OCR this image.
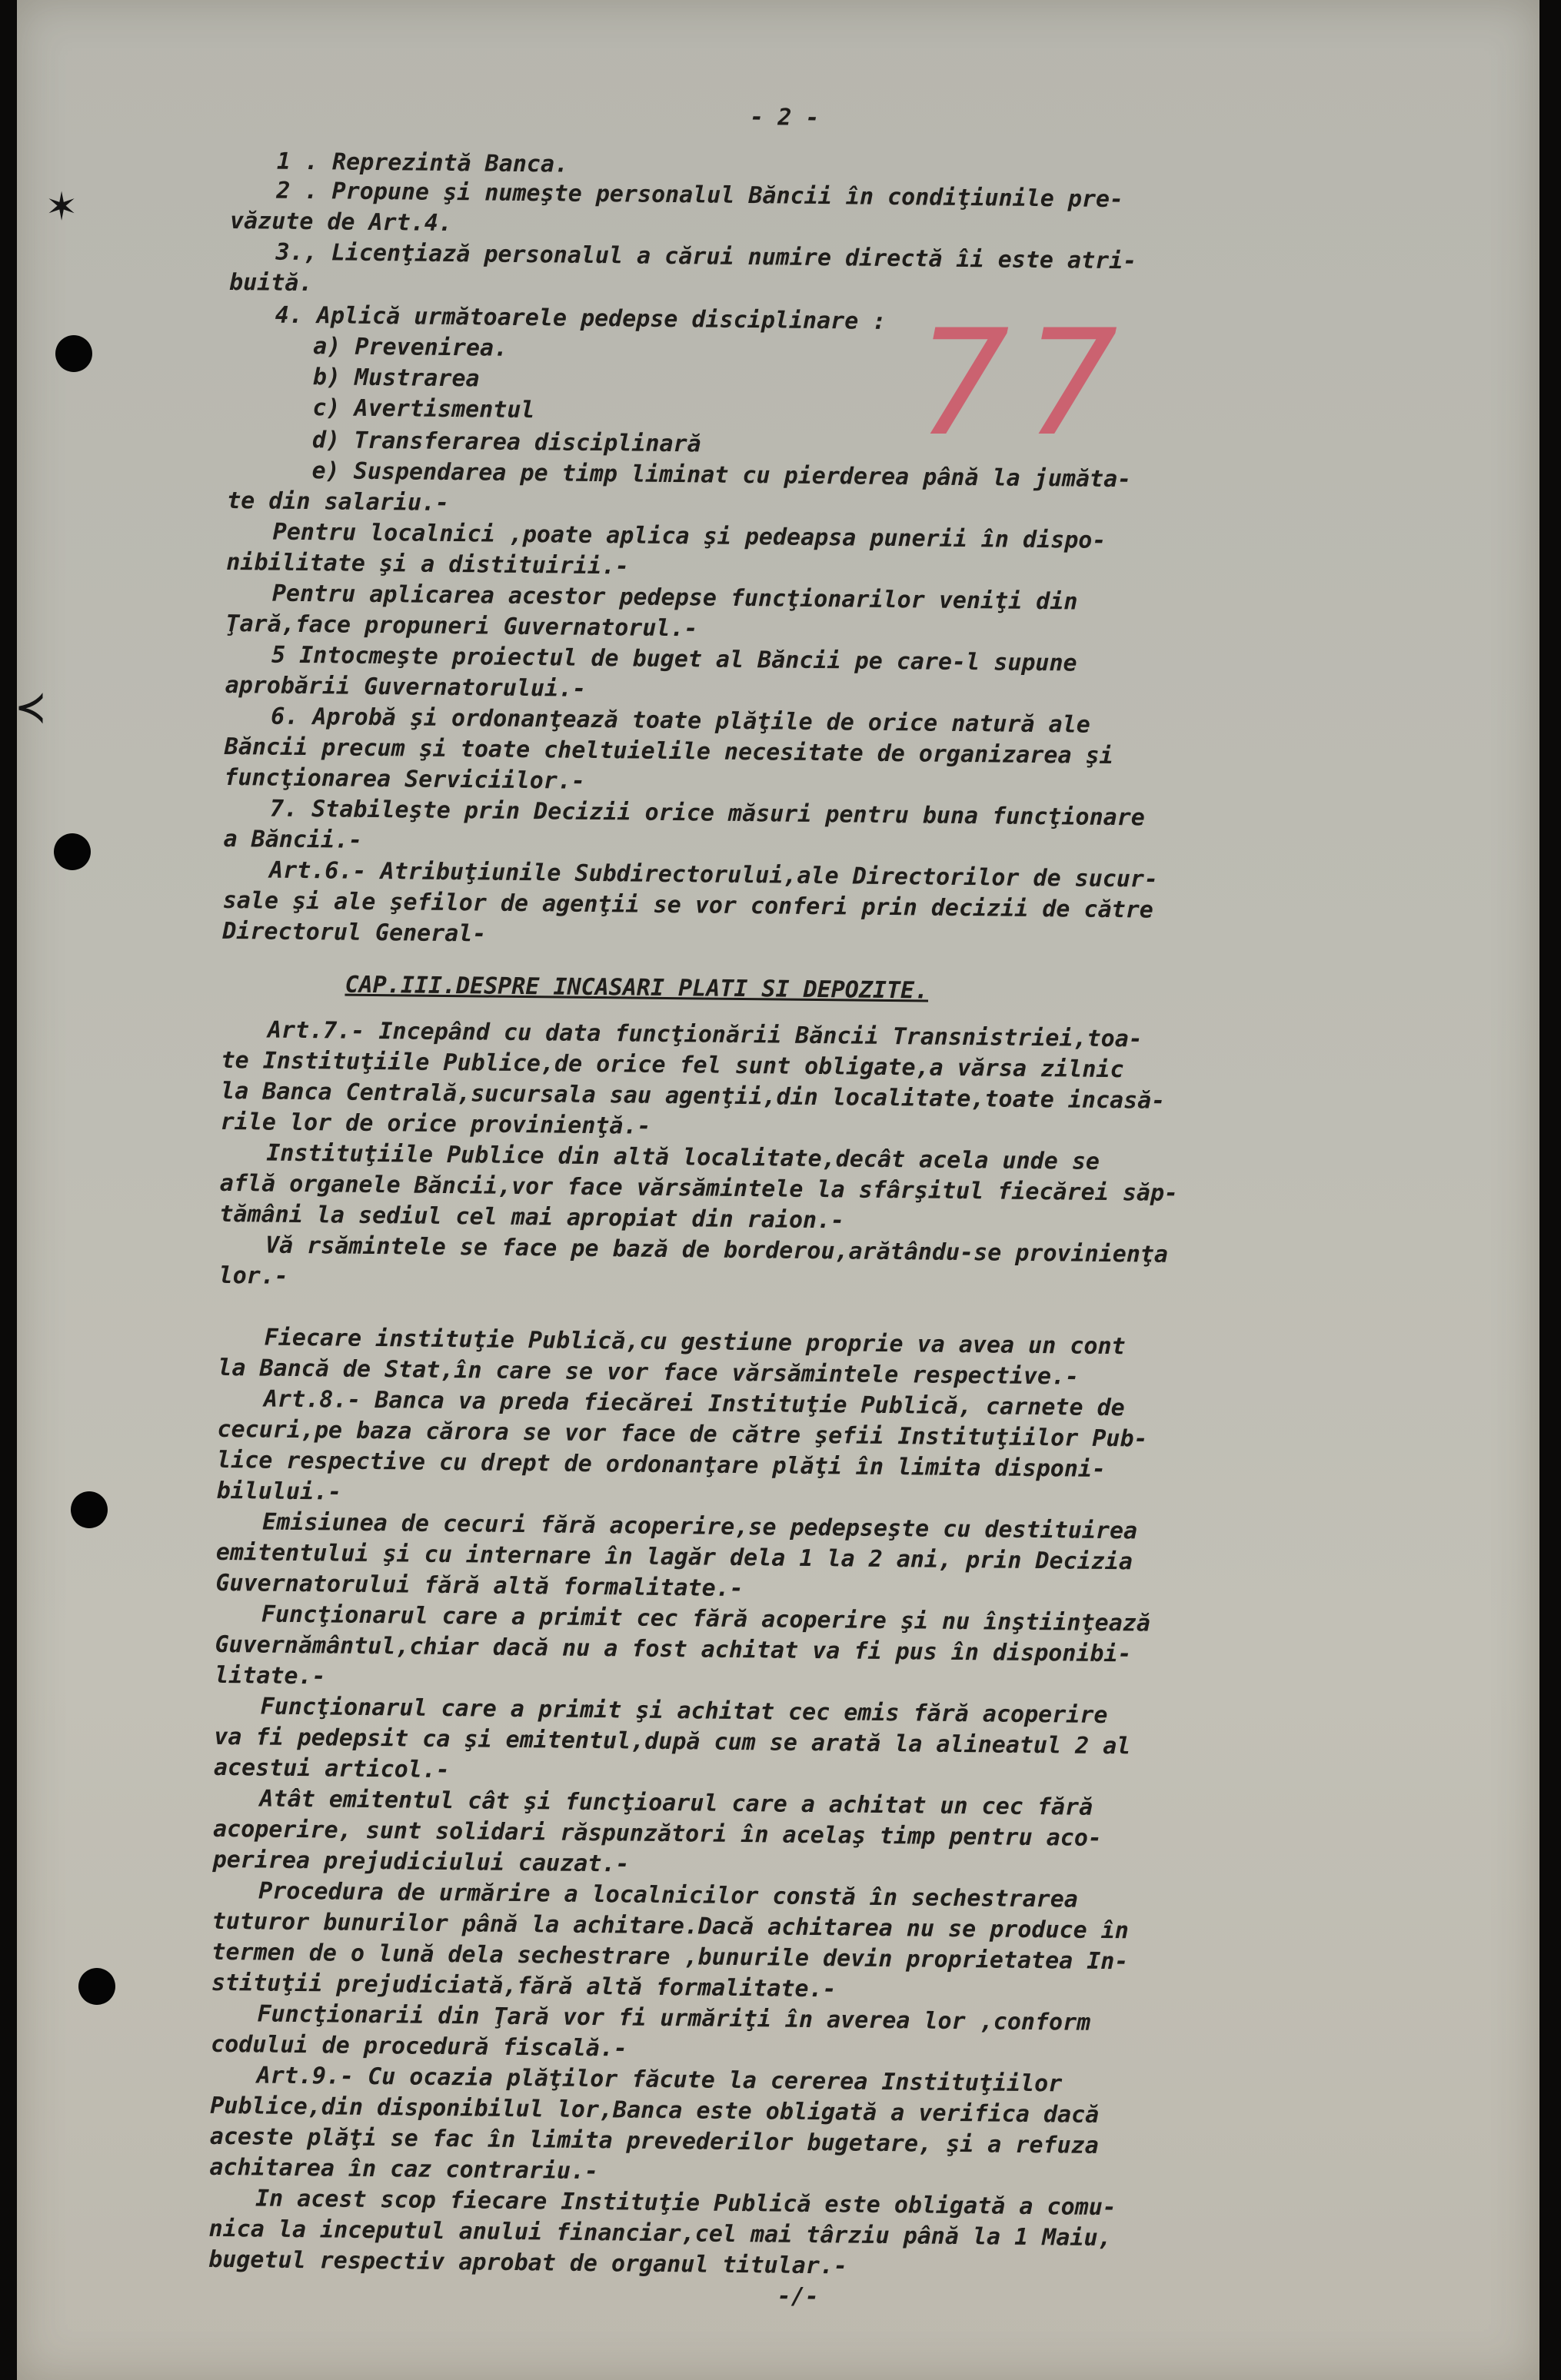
✶
≺
77
- 2 -
1 . Reprezintă Banca.
2 . Propune şi numeşte personalul Băncii în condiţiunile pre-
văzute de Art.4.
3., Licenţiază personalul a cărui numire directă îi este atri-
buită.
4. Aplică următoarele pedepse disciplinare :
a) Prevenirea.
b) Mustrarea
c) Avertismentul
d) Transferarea disciplinară
e) Suspendarea pe timp liminat cu pierderea până la jumăta-
te din salariu.-
Pentru localnici ,poate aplica şi pedeapsa punerii în dispo-
nibilitate şi a distituirii.-
Pentru aplicarea acestor pedepse funcţionarilor veniţi din
Ţară,face propuneri Guvernatorul.-
5 Intocmeşte proiectul de buget al Băncii pe care-l supune
aprobării Guvernatorului.-
6. Aprobă şi ordonanţează toate plăţile de orice natură ale
Băncii precum şi toate cheltuielile necesitate de organizarea şi
funcţionarea Serviciilor.-
7. Stabileşte prin Decizii orice măsuri pentru buna funcţionare
a Băncii.-
Art.6.- Atribuţiunile Subdirectorului,ale Directorilor de sucur-
sale şi ale şefilor de agenţii se vor conferi prin decizii de către
Directorul General-
CAP.III.DESPRE INCASARI PLATI SI DEPOZITE.
Art.7.- Incepând cu data funcţionării Băncii Transnistriei,toa-
te Instituţiile Publice,de orice fel sunt obligate,a vărsa zilnic
la Banca Centrală,sucursala sau agenţii,din localitate,toate incasă-
rile lor de orice provinienţă.-
Instituţiile Publice din altă localitate,decât acela unde se
află organele Băncii,vor face vărsămintele la sfârşitul fiecărei săp-
tămâni la sediul cel mai apropiat din raion.-
Vă rsămintele se face pe bază de borderou,arătându-se provinienţa
lor.-
Fiecare instituţie Publică,cu gestiune proprie va avea un cont
la Bancă de Stat,în care se vor face vărsămintele respective.-
Art.8.- Banca va preda fiecărei Instituţie Publică, carnete de
cecuri,pe baza cărora se vor face de către şefii Instituţiilor Pub-
lice respective cu drept de ordonanţare plăţi în limita disponi-
bilului.-
Emisiunea de cecuri fără acoperire,se pedepseşte cu destituirea
emitentului şi cu internare în lagăr dela 1 la 2 ani, prin Decizia
Guvernatorului fără altă formalitate.-
Funcţionarul care a primit cec fără acoperire şi nu înştiinţează
Guvernământul,chiar dacă nu a fost achitat va fi pus în disponibi-
litate.-
Funcţionarul care a primit şi achitat cec emis fără acoperire
va fi pedepsit ca şi emitentul,după cum se arată la alineatul 2 al
acestui articol.-
Atât emitentul cât şi funcţioarul care a achitat un cec fără
acoperire, sunt solidari răspunzători în acelaş timp pentru aco-
perirea prejudiciului cauzat.-
Procedura de urmărire a localnicilor constă în sechestrarea
tuturor bunurilor până la achitare.Dacă achitarea nu se produce în
termen de o lună dela sechestrare ,bunurile devin proprietatea In-
stituţii prejudiciată,fără altă formalitate.-
Funcţionarii din Ţară vor fi urmăriţi în averea lor ,conform
codului de procedură fiscală.-
Art.9.- Cu ocazia plăţilor făcute la cererea Instituţiilor
Publice,din disponibilul lor,Banca este obligată a verifica dacă
aceste plăţi se fac în limita prevederilor bugetare, şi a refuza
achitarea în caz contrariu.-
In acest scop fiecare Instituţie Publică este obligată a comu-
nica la inceputul anului financiar,cel mai târziu până la 1 Maiu,
bugetul respectiv aprobat de organul titular.-
-/-
